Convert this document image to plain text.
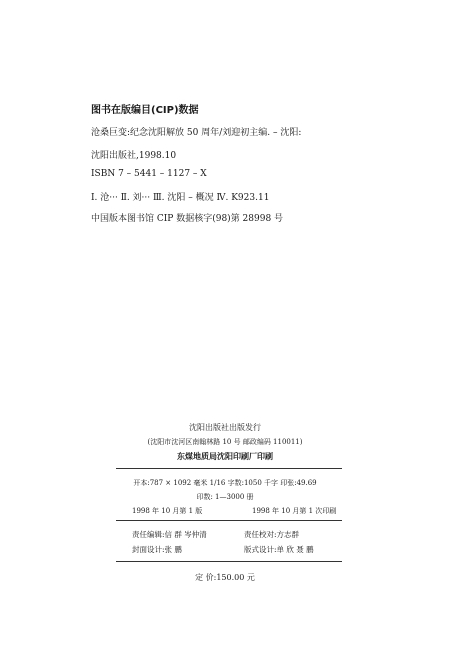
图书在版编目(CIP)数据
沧桑巨变:纪念沈阳解放 50 周年/刘迎初主编. – 沈阳:
沈阳出版社,1998.10
ISBN 7 – 5441 – 1127 – X
Ⅰ. 沧··· Ⅱ. 刘··· Ⅲ. 沈阳 – 概况 Ⅳ. K923.11
中国版本图书馆 CIP 数据核字(98)第 28998 号
沈阳出版社出版发行
(沈阳市沈河区南翰林路 10 号 邮政编码 110011)
东煤地质局沈阳印刷厂印刷
开本:787 × 1092 毫米 1/16 字数:1050 千字 印张:49.69
印数: 1—3000 册
1998 年 10 月第 1 版	1998 年 10 月第 1 次印刷
责任编辑:信 群 岑仲清	责任校对:方志群
封面设计:张 鹏	版式设计:单 欣 聂 鹏
定 价:150.00 元
